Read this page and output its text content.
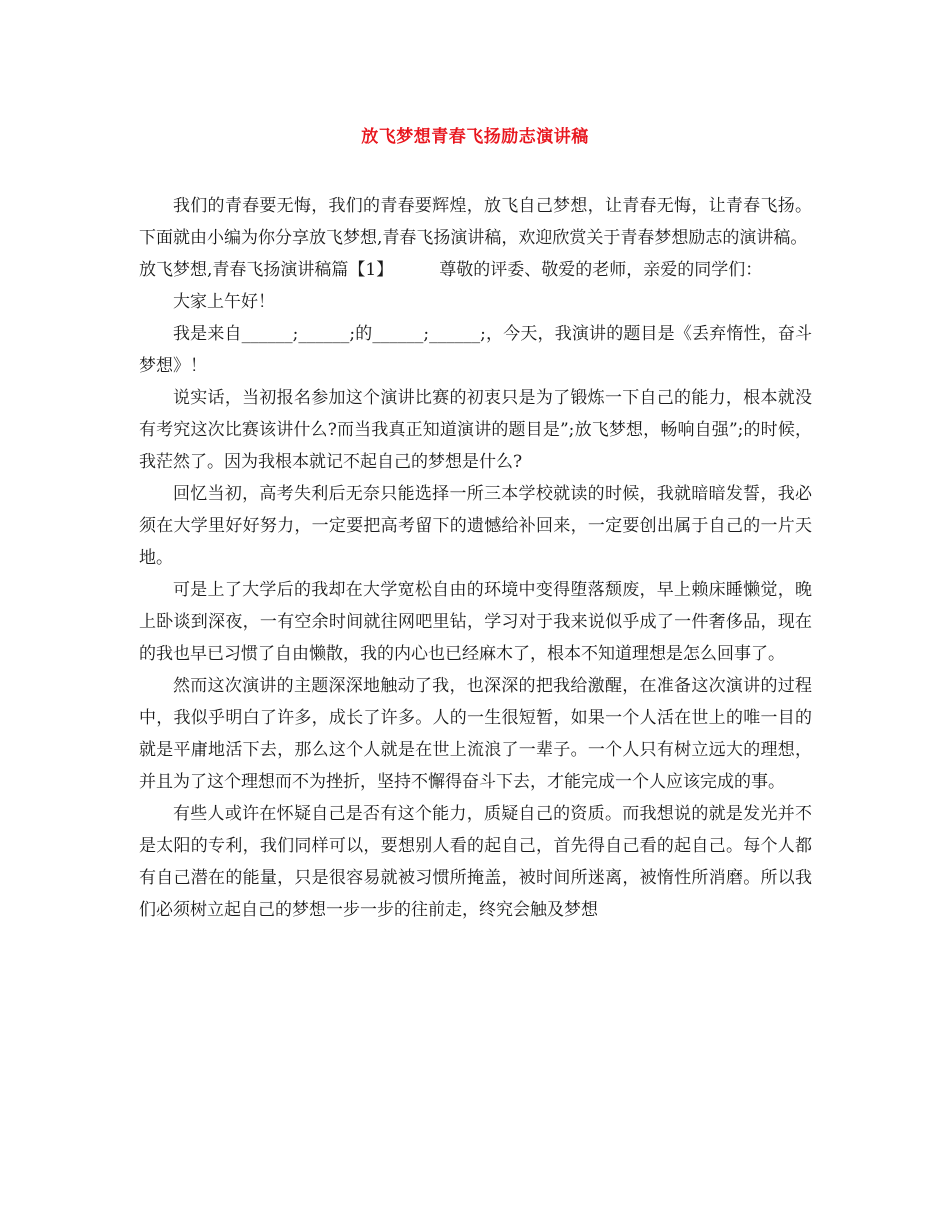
放飞梦想青春飞扬励志演讲稿

我们的青春要无悔，我们的青春要辉煌，放飞自己梦想，让青春无悔，让青春飞扬。下面就由小编为你分享放飞梦想,青春飞扬演讲稿，欢迎欣赏关于青春梦想励志的演讲稿。

放飞梦想,青春飞扬演讲稿篇【1】	尊敬的评委、敬爱的老师，亲爱的同学们：

大家上午好！

我是来自______;______;的______;______;，今天，我演讲的题目是《丢弃惰性，奋斗梦想》！

说实话，当初报名参加这个演讲比赛的初衷只是为了锻炼一下自己的能力，根本就没有考究这次比赛该讲什么?而当我真正知道演讲的题目是”;放飞梦想，畅响自强”;的时候，我茫然了。因为我根本就记不起自己的梦想是什么?

回忆当初，高考失利后无奈只能选择一所三本学校就读的时候，我就暗暗发誓，我必须在大学里好好努力，一定要把高考留下的遗憾给补回来，一定要创出属于自己的一片天地。

可是上了大学后的我却在大学宽松自由的环境中变得堕落颓废，早上赖床睡懒觉，晚上卧谈到深夜，一有空余时间就往网吧里钻，学习对于我来说似乎成了一件奢侈品，现在的我也早已习惯了自由懒散，我的内心也已经麻木了，根本不知道理想是怎么回事了。

然而这次演讲的主题深深地触动了我，也深深的把我给激醒，在准备这次演讲的过程中，我似乎明白了许多，成长了许多。人的一生很短暂，如果一个人活在世上的唯一目的就是平庸地活下去，那么这个人就是在世上流浪了一辈子。一个人只有树立远大的理想，并且为了这个理想而不为挫折，坚持不懈得奋斗下去，才能完成一个人应该完成的事。

有些人或许在怀疑自己是否有这个能力，质疑自己的资质。而我想说的就是发光并不是太阳的专利，我们同样可以，要想别人看的起自己，首先得自己看的起自己。每个人都有自己潜在的能量，只是很容易就被习惯所掩盖，被时间所迷离，被惰性所消磨。所以我们必须树立起自己的梦想一步一步的往前走，终究会触及梦想
